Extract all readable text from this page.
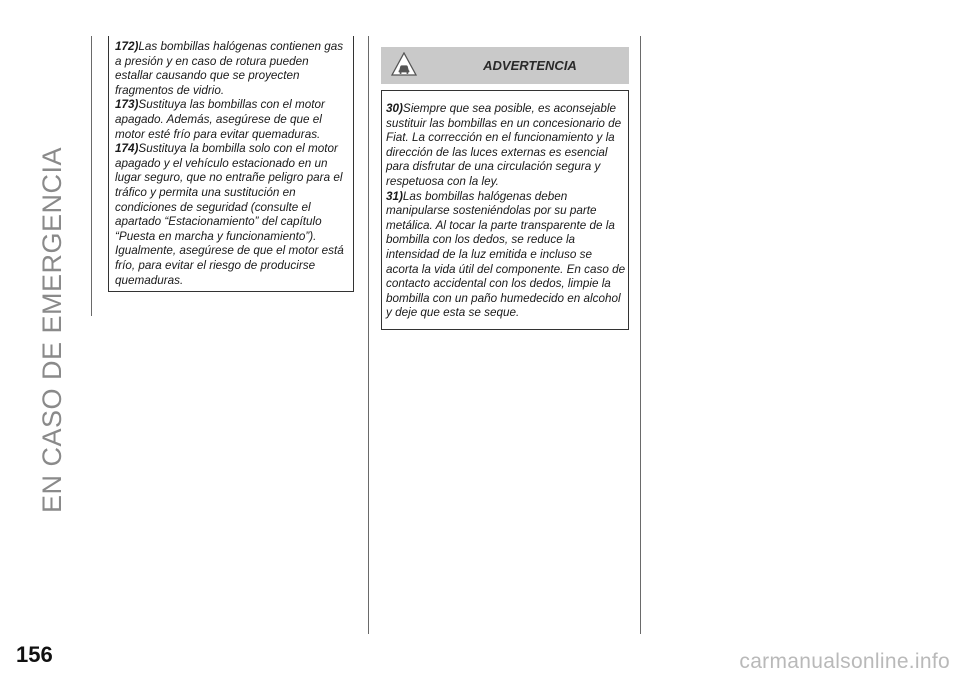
EN CASO DE EMERGENCIA

172)Las bombillas halógenas contienen gas a presión y en caso de rotura pueden estallar causando que se proyecten fragmentos de vidrio.

173)Sustituya las bombillas con el motor apagado. Además, asegúrese de que el motor esté frío para evitar quemaduras.

174)Sustituya la bombilla solo con el motor apagado y el vehículo estacionado en un lugar seguro, que no entrañe peligro para el tráfico y permita una sustitución en condiciones de seguridad (consulte el apartado “Estacionamiento” del capítulo “Puesta en marcha y funcionamiento”). Igualmente, asegúrese de que el motor está frío, para evitar el riesgo de producirse quemaduras.

ADVERTENCIA

30)Siempre que sea posible, es aconsejable sustituir las bombillas en un concesionario de Fiat. La corrección en el funcionamiento y la dirección de las luces externas es esencial para disfrutar de una circulación segura y respetuosa con la ley.

31)Las bombillas halógenas deben manipularse sosteniéndolas por su parte metálica. Al tocar la parte transparente de la bombilla con los dedos, se reduce la intensidad de la luz emitida e incluso se acorta la vida útil del componente. En caso de contacto accidental con los dedos, limpie la bombilla con un paño humedecido en alcohol y deje que esta se seque.

156	carmanualsonline.info
